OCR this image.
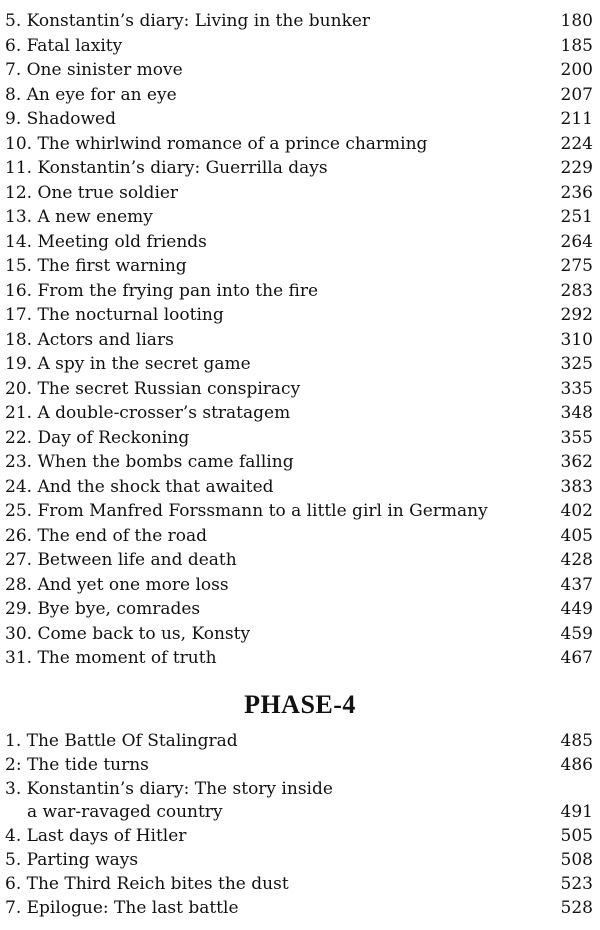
5. Konstantin’s diary: Living in the bunker	180
6. Fatal laxity	185
7. One sinister move	200
8. An eye for an eye	207
9. Shadowed	211
10. The whirlwind romance of a prince charming	224
11. Konstantin’s diary: Guerrilla days	229
12. One true soldier	236
13. A new enemy	251
14. Meeting old friends	264
15. The first warning	275
16. From the frying pan into the fire	283
17. The nocturnal looting	292
18. Actors and liars	310
19. A spy in the secret game	325
20. The secret Russian conspiracy	335
21. A double-crosser’s stratagem	348
22. Day of Reckoning	355
23. When the bombs came falling	362
24. And the shock that awaited	383
25. From Manfred Forssmann to a little girl in Germany	402
26. The end of the road	405
27. Between life and death	428
28. And yet one more loss	437
29. Bye bye, comrades	449
30. Come back to us, Konsty	459
31. The moment of truth	467
PHASE-4
1. The Battle Of Stalingrad	485
2: The tide turns	486
3. Konstantin’s diary: The story inside
a war-ravaged country	491
4. Last days of Hitler	505
5. Parting ways	508
6. The Third Reich bites the dust	523
7. Epilogue: The last battle	528
